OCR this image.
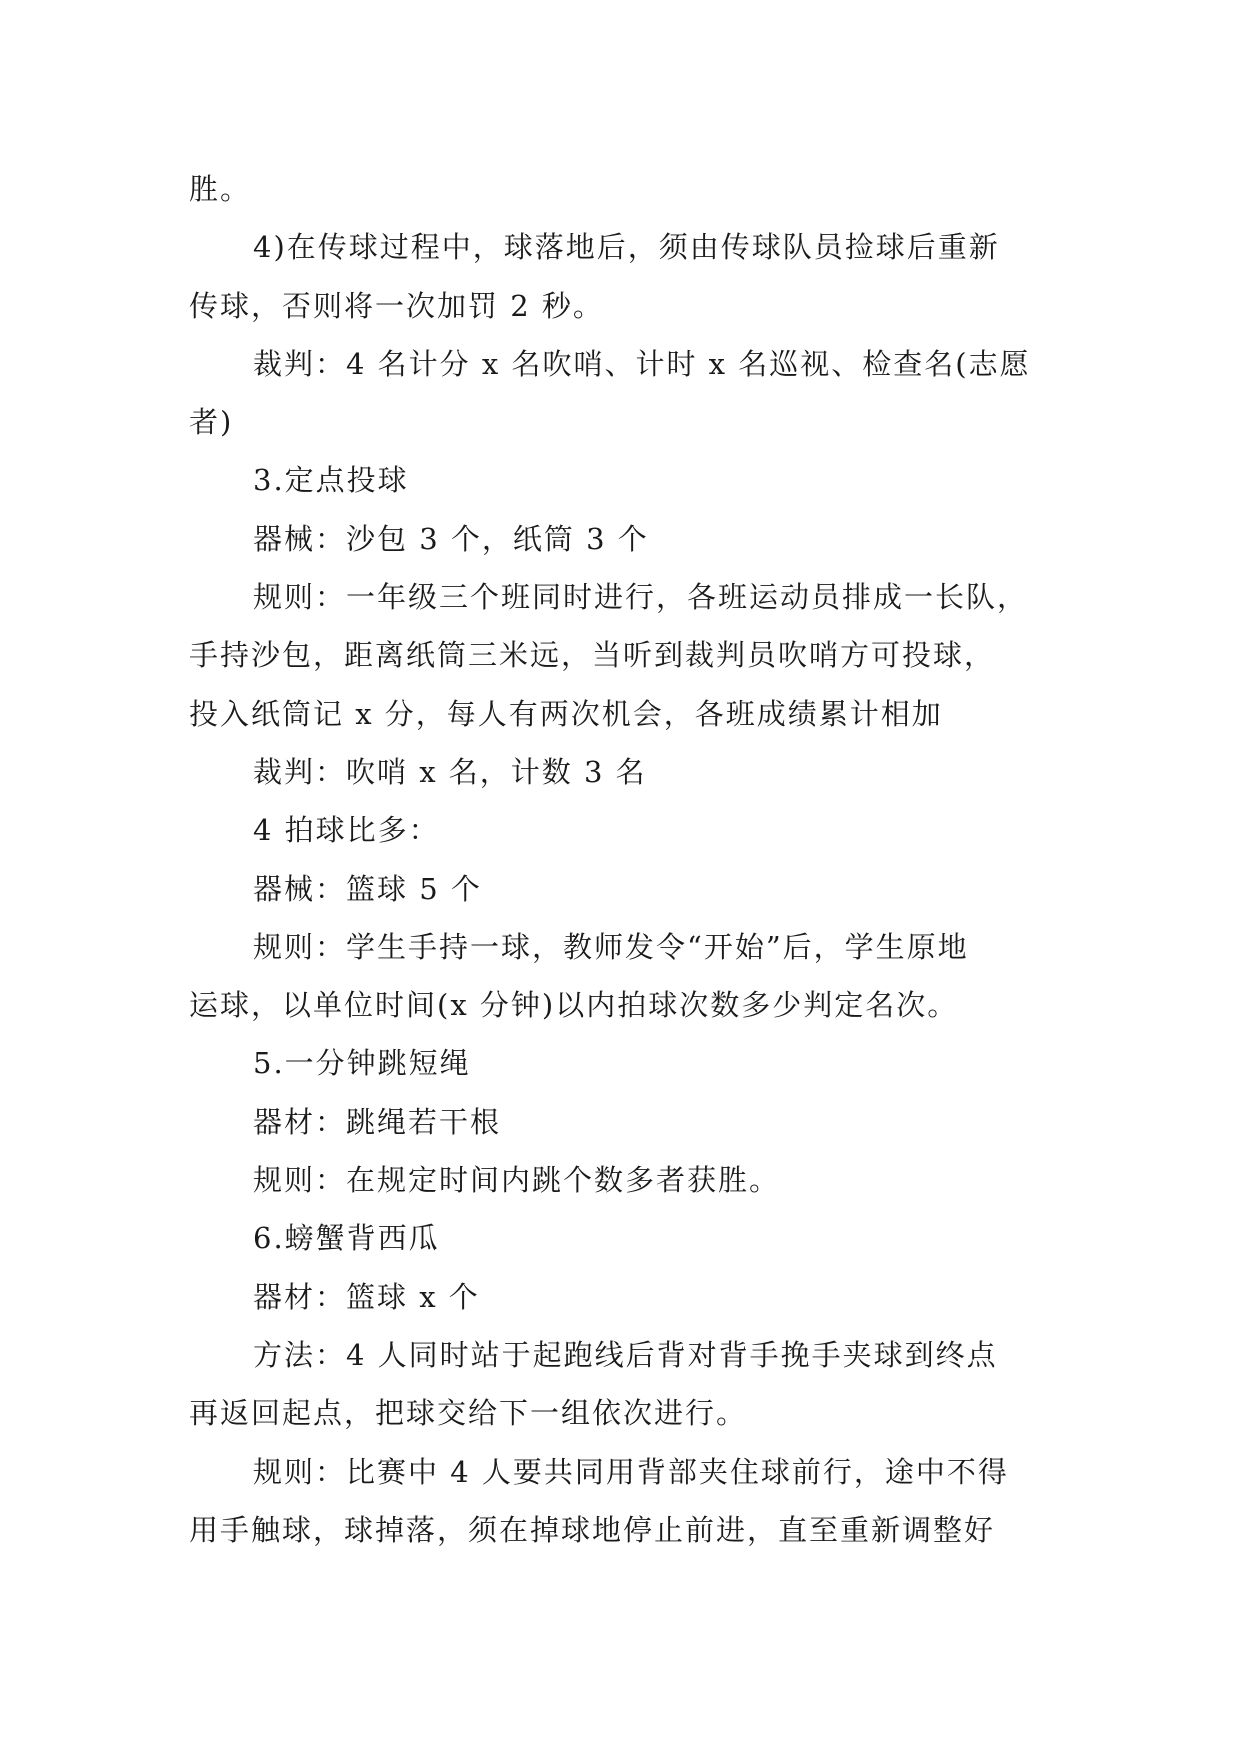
胜。
4)在传球过程中，球落地后，须由传球队员捡球后重新
传球，否则将一次加罚 2 秒。
裁判：4 名计分 x 名吹哨、计时 x 名巡视、检查名(志愿
者)
3.定点投球
器械：沙包 3 个，纸筒 3 个
规则：一年级三个班同时进行，各班运动员排成一长队，
手持沙包，距离纸筒三米远，当听到裁判员吹哨方可投球，
投入纸筒记 x 分，每人有两次机会，各班成绩累计相加
裁判：吹哨 x 名，计数 3 名
4 拍球比多：
器械：篮球 5 个
规则：学生手持一球，教师发令“开始”后，学生原地
运球，以单位时间(x 分钟)以内拍球次数多少判定名次。
5.一分钟跳短绳
器材：跳绳若干根
规则：在规定时间内跳个数多者获胜。
6.螃蟹背西瓜
器材：篮球 x 个
方法：4 人同时站于起跑线后背对背手挽手夹球到终点
再返回起点，把球交给下一组依次进行。
规则：比赛中 4 人要共同用背部夹住球前行，途中不得
用手触球，球掉落，须在掉球地停止前进，直至重新调整好
